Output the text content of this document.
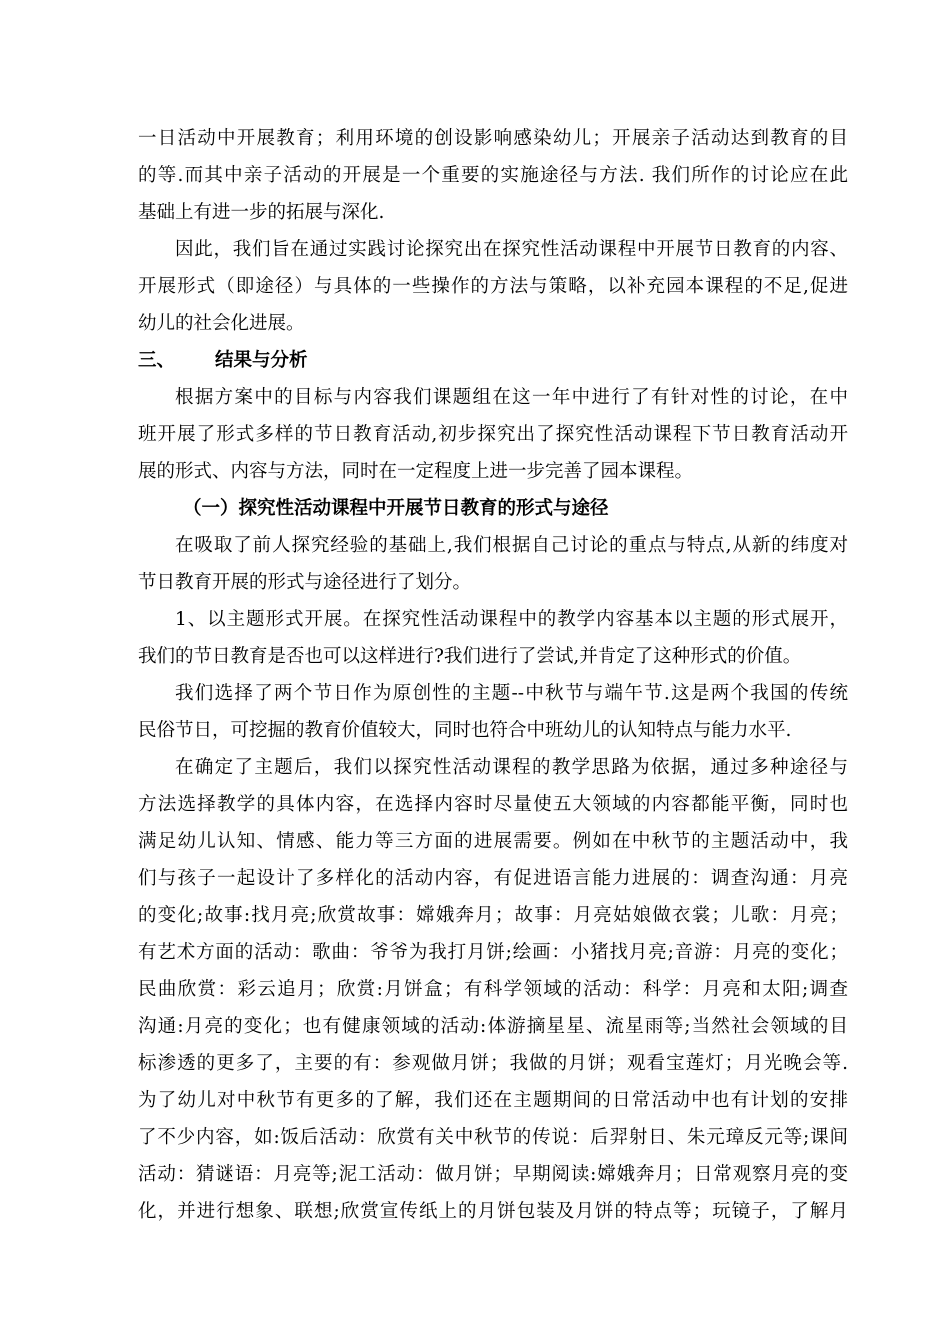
一日活动中开展教育；利用环境的创设影响感染幼儿；开展亲子活动达到教育的目
的等.而其中亲子活动的开展是一个重要的实施途径与方法. 我们所作的讨论应在此
基础上有进一步的拓展与深化.
因此，我们旨在通过实践讨论探究出在探究性活动课程中开展节日教育的内容、
开展形式（即途径）与具体的一些操作的方法与策略，以补充园本课程的不足,促进
幼儿的社会化进展。
三、 结果与分析
根据方案中的目标与内容我们课题组在这一年中进行了有针对性的讨论，在中
班开展了形式多样的节日教育活动,初步探究出了探究性活动课程下节日教育活动开
展的形式、内容与方法，同时在一定程度上进一步完善了园本课程。
（一）探究性活动课程中开展节日教育的形式与途径
在吸取了前人探究经验的基础上,我们根据自己讨论的重点与特点,从新的纬度对
节日教育开展的形式与途径进行了划分。
1、以主题形式开展。在探究性活动课程中的教学内容基本以主题的形式展开，
我们的节日教育是否也可以这样进行?我们进行了尝试,并肯定了这种形式的价值。
我们选择了两个节日作为原创性的主题--中秋节与端午节.这是两个我国的传统
民俗节日，可挖掘的教育价值较大，同时也符合中班幼儿的认知特点与能力水平.
在确定了主题后，我们以探究性活动课程的教学思路为依据，通过多种途径与
方法选择教学的具体内容，在选择内容时尽量使五大领域的内容都能平衡，同时也
满足幼儿认知、情感、能力等三方面的进展需要。例如在中秋节的主题活动中，我
们与孩子一起设计了多样化的活动内容，有促进语言能力进展的：调查沟通：月亮
的变化;故事:找月亮;欣赏故事：嫦娥奔月；故事：月亮姑娘做衣裳；儿歌：月亮；
有艺术方面的活动：歌曲：爷爷为我打月饼;绘画：小猪找月亮;音游：月亮的变化；
民曲欣赏：彩云追月；欣赏:月饼盒；有科学领域的活动：科学：月亮和太阳;调查
沟通:月亮的变化；也有健康领域的活动:体游摘星星、流星雨等;当然社会领域的目
标渗透的更多了，主要的有：参观做月饼；我做的月饼；观看宝莲灯；月光晚会等.
为了幼儿对中秋节有更多的了解，我们还在主题期间的日常活动中也有计划的安排
了不少内容，如:饭后活动：欣赏有关中秋节的传说：后羿射日、朱元璋反元等;课间
活动：猜谜语：月亮等;泥工活动：做月饼；早期阅读:嫦娥奔月；日常观察月亮的变
化，并进行想象、联想;欣赏宣传纸上的月饼包装及月饼的特点等；玩镜子，了解月
